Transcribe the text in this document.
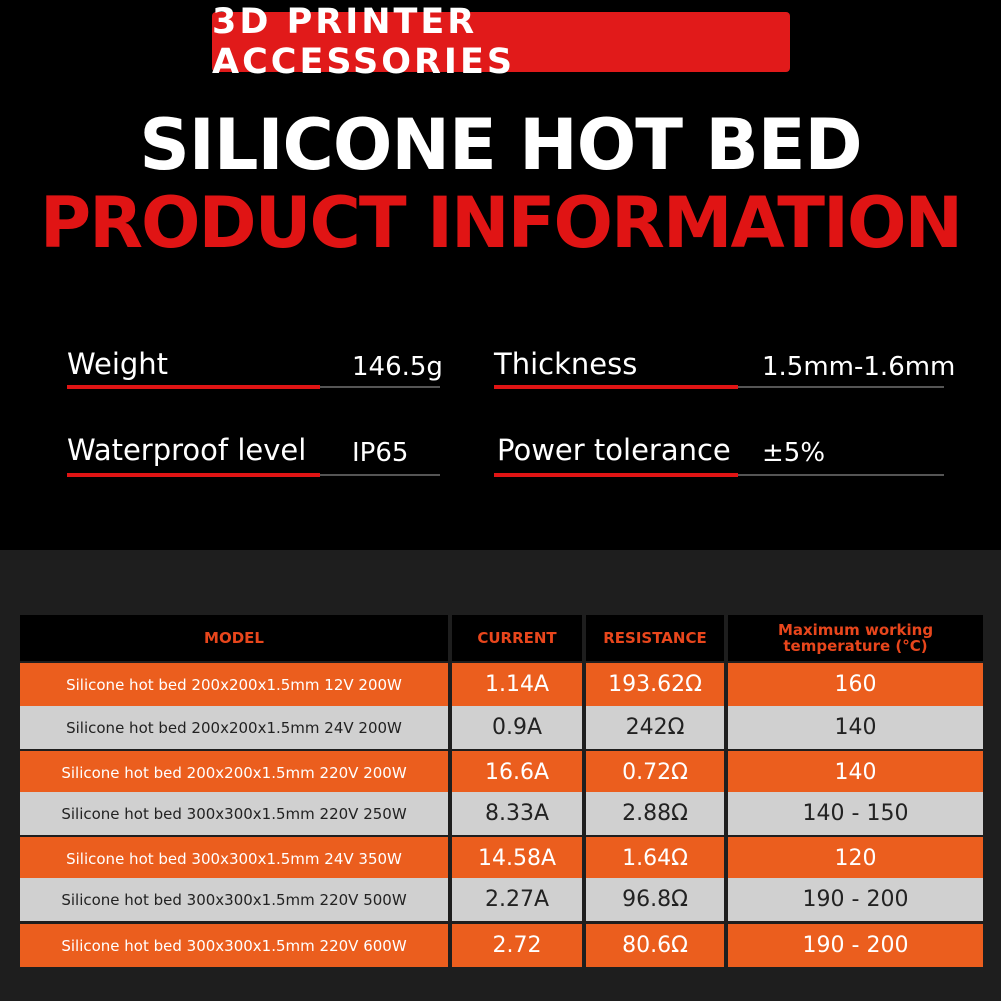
3D PRINTER ACCESSORIES
SILICONE HOT BED
PRODUCT INFORMATION
Weight	146.5g Thickness	1.5mm-1.6mm
Waterproof level IP65	Power tolerance ±5%
MODEL	CURRENT	RESISTANCE	Maximum working temperature (°C)
Silicone hot bed 200x200x1.5mm 12V 200W	1.14A	193.62Ω	160
Silicone hot bed 200x200x1.5mm 24V 200W	0.9A	242Ω	140
Silicone hot bed 200x200x1.5mm 220V 200W	16.6A	0.72Ω	140
Silicone hot bed 300x300x1.5mm 220V 250W	8.33A	2.88Ω	140 - 150
Silicone hot bed 300x300x1.5mm 24V 350W	14.58A	1.64Ω	120
Silicone hot bed 300x300x1.5mm 220V 500W	2.27A	96.8Ω	190 - 200
Silicone hot bed 300x300x1.5mm 220V 600W	2.72	80.6Ω	190 - 200
